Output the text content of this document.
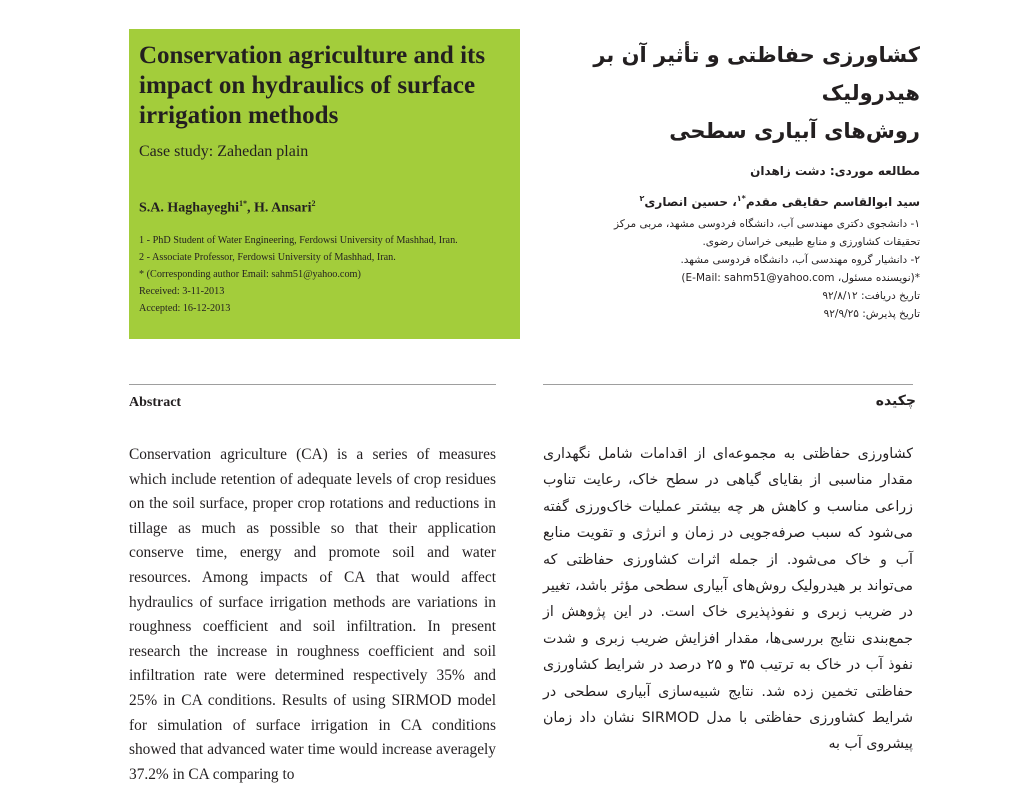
Conservation agriculture and its impact on hydraulics of surface irrigation methods
Case study: Zahedan plain
S.A. Haghayeghi$^{1*}$, H. Ansari$^2$
1 - PhD Student of Water Engineering, Ferdowsi University of Mashhad, Iran.
2 - Associate Professor, Ferdowsi University of Mashhad, Iran.
* (Corresponding author Email: sahm51@yahoo.com)
Received: 3-11-2013
Accepted: 16-12-2013
کشاورزی حفاظتی و تأثیر آن بر هیدرولیک
روش‌های آبیاری سطحی
مطالعه موردی: دشت زاهدان
سید ابوالقاسم حقایقی مقدم$^{*۱}$، حسین انصاری$^۲$
۱- دانشجوی دکتری مهندسی آب، دانشگاه فردوسی مشهد، مربی مرکز
تحقیقات کشاورزی و منابع طبیعی خراسان رضوی.
۲- دانشیار گروه مهندسی آب، دانشگاه فردوسی مشهد.
*(نویسنده مسئول، E-Mail: sahm51@yahoo.com)
تاریخ دریافت: ۹۲/۸/۱۲
تاریخ پذیرش: ۹۲/۹/۲۵
Abstract	چکیده
Conservation agriculture (CA) is a series of measures which include retention of adequate levels of crop residues on the soil surface, proper crop rotations and reductions in tillage as much as possible so that their application conserve time, energy and promote soil and water resources. Among impacts of CA that would affect hydraulics of surface irrigation methods are variations in roughness coefficient and soil infiltration. In present research the increase in roughness coefficient and soil infiltration rate were determined respectively 35% and 25% in CA conditions. Results of using SIRMOD model for simulation of surface irrigation in CA conditions showed that advanced water time would increase averagely 37.2% in CA comparing to
کشاورزی حفاظتی به مجموعه‌ای از اقدامات شامل نگهداری مقدار مناسبی از بقایای گیاهی در سطح خاک، رعایت تناوب زراعی مناسب و کاهش هر چه بیشتر عملیات خاک‌ورزی گفته می‌شود که سبب صرفه‌جویی در زمان و انرژی و تقویت منابع آب و خاک می‌شود. از جمله اثرات کشاورزی حفاظتی که می‌تواند بر هیدرولیک روش‌های آبیاری سطحی مؤثر باشد، تغییر در ضریب زبری و نفوذپذیری خاک است. در این پژوهش از جمع‌بندی نتایج بررسی‌ها، مقدار افزایش ضریب زبری و شدت نفوذ آب در خاک به ترتیب ۳۵ و ۲۵ درصد در شرایط کشاورزی حفاظتی تخمین زده شد. نتایج شبیه‌سازی آبیاری سطحی در شرایط کشاورزی حفاظتی با مدل SIRMOD نشان داد زمان پیشروی آب به
